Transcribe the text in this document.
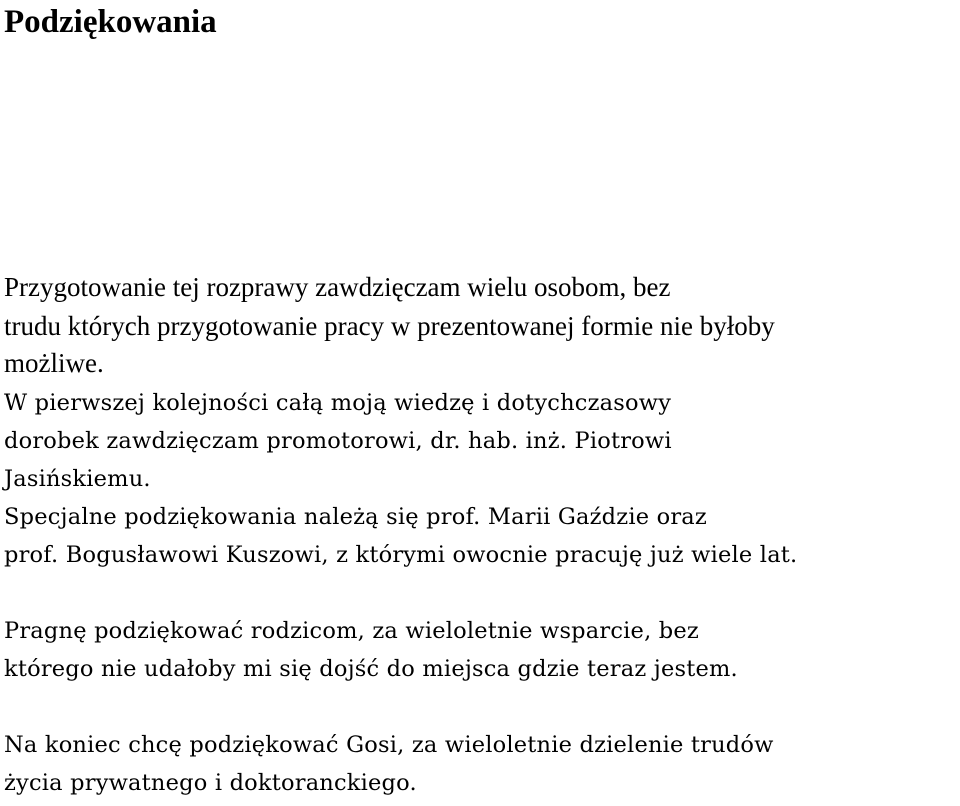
Podziękowania

Przygotowanie tej rozprawy zawdzięczam wielu osobom, bez

trudu których przygotowanie pracy w prezentowanej formie nie byłoby

możliwe.

W pierwszej kolejności całą moją wiedzę i dotychczasowy

dorobek zawdzięczam promotorowi, dr. hab. inż. Piotrowi

Jasińskiemu.

Specjalne podziękowania należą się prof. Marii Gaździe oraz

prof. Bogusławowi Kuszowi, z którymi owocnie pracuję już wiele lat.

Pragnę podziękować rodzicom, za wieloletnie wsparcie, bez

którego nie udałoby mi się dojść do miejsca gdzie teraz jestem.

Na koniec chcę podziękować Gosi, za wieloletnie dzielenie trudów

życia prywatnego i doktoranckiego.
